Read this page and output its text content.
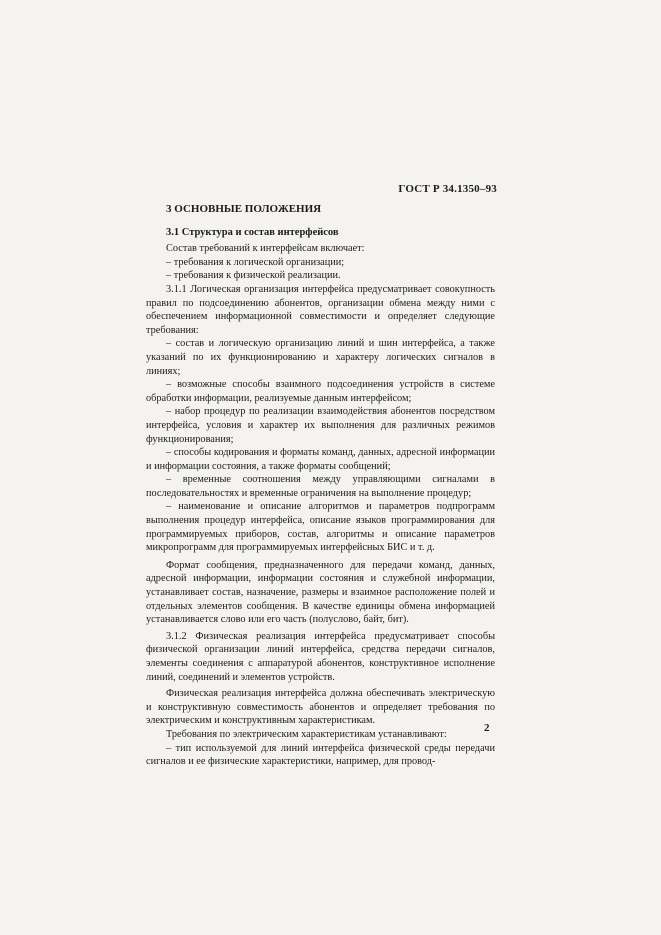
ГОСТ Р 34.1350–93
3 ОСНОВНЫЕ ПОЛОЖЕНИЯ
3.1 Структура и состав интерфейсов

Состав требований к интерфейсам включает:

– требования к логической организации;

– требования к физической реализации.

3.1.1 Логическая организация интерфейса предусматривает совокупность правил по подсоединению абонентов, организации обмена между ними с обеспечением информационной совместимости и определяет следующие требования:

– состав и логическую организацию линий и шин интерфейса, а также указаний по их функционированию и характеру логических сигналов в линиях;

– возможные способы взаимного подсоединения устройств в системе обработки информации, реализуемые данным интерфейсом;

– набор процедур по реализации взаимодействия абонентов посредством интерфейса, условия и характер их выполнения для различных режимов функционирования;

– способы кодирования и форматы команд, данных, адресной информации и информации состояния, а также форматы сообщений;

– временные соотношения между управляющими сигналами в последовательностях и временные ограничения на выполнение процедур;

– наименование и описание алгоритмов и параметров подпрограмм выполнения процедур интерфейса, описание языков программирования для программируемых приборов, состав, алгоритмы и описание параметров микропрограмм для программируемых интерфейсных БИС и т. д.

Формат сообщения, предназначенного для передачи команд, данных, адресной информации, информации состояния и служебной информации, устанавливает состав, назначение, размеры и взаимное расположение полей и отдельных элементов сообщения. В качестве единицы обмена информацией устанавливается слово или его часть (полуслово, байт, бит).

3.1.2 Физическая реализация интерфейса предусматривает способы физической организации линий интерфейса, средства передачи сигналов, элементы соединения с аппаратурой абонентов, конструктивное исполнение линий, соединений и элементов устройств.

Физическая реализация интерфейса должна обеспечивать электрическую и конструктивную совместимость абонентов и определяет требования по электрическим и конструктивным характеристикам.

Требования по электрическим характеристикам устанавливают:

– тип используемой для линий интерфейса физической среды передачи сигналов и ее физические характеристики, например, для провод-

2
